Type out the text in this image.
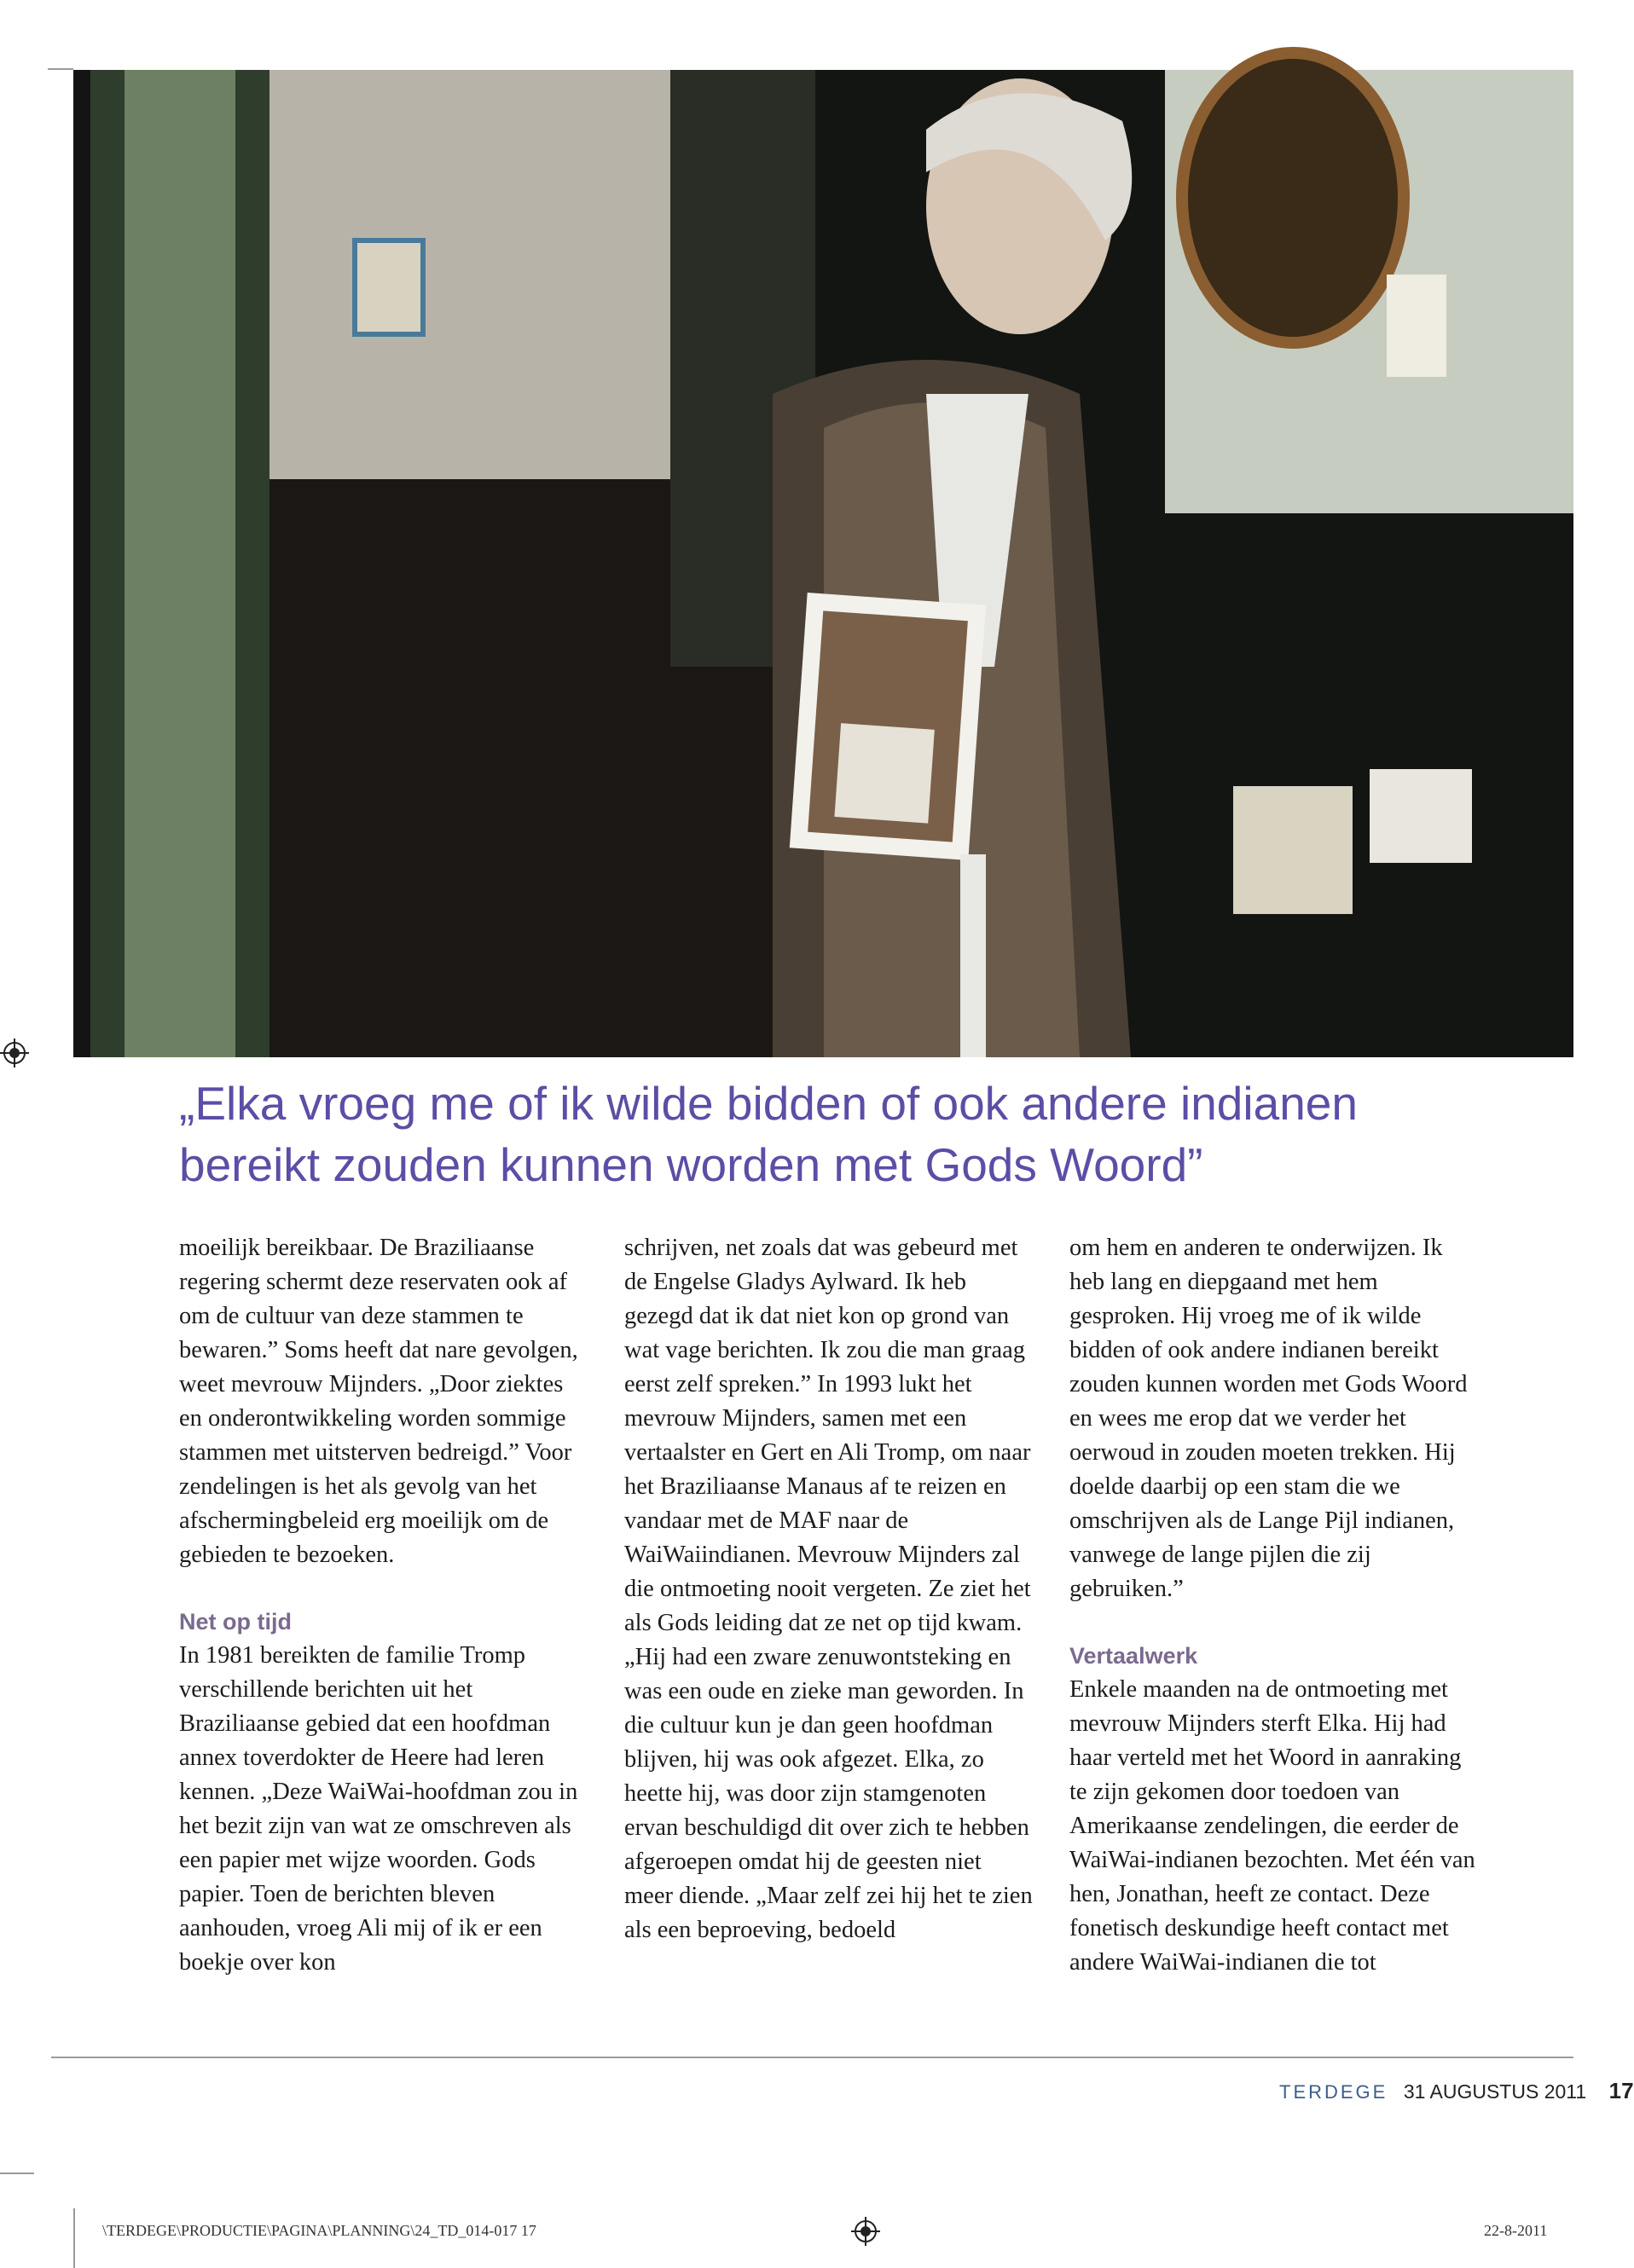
„Elka vroeg me of ik wilde bidden of ook andere indianen
bereikt zouden kunnen worden met Gods Woord”

moeilijk bereikbaar. De Braziliaanse regering schermt deze reservaten ook af om de cultuur van deze stammen te bewaren.” Soms heeft dat nare gevolgen, weet mevrouw Mijnders. „Door ziektes en onderontwikkeling worden sommige stammen met uitsterven bedreigd.” Voor zendelingen is het als gevolg van het afschermingbeleid erg moeilijk om de gebieden te bezoeken.

Net op tijd

In 1981 bereikten de familie Tromp verschillende berichten uit het Braziliaanse gebied dat een hoofdman annex toverdokter de Heere had leren kennen. „Deze WaiWai-hoofdman zou in het bezit zijn van wat ze omschreven als een papier met wijze woorden. Gods papier. Toen de berichten bleven aanhouden, vroeg Ali mij of ik er een boekje over kon

schrijven, net zoals dat was gebeurd met de Engelse Gladys Aylward. Ik heb gezegd dat ik dat niet kon op grond van wat vage berichten. Ik zou die man graag eerst zelf spreken.” In 1993 lukt het mevrouw Mijnders, samen met een vertaalster en Gert en Ali Tromp, om naar het Braziliaanse Manaus af te reizen en vandaar met de MAF naar de WaiWaiindianen. Mevrouw Mijnders zal die ontmoeting nooit vergeten. Ze ziet het als Gods leiding dat ze net op tijd kwam. „Hij had een zware zenuwontsteking en was een oude en zieke man geworden. In die cultuur kun je dan geen hoofdman blijven, hij was ook afgezet. Elka, zo heette hij, was door zijn stamgenoten ervan beschuldigd dit over zich te hebben afgeroepen omdat hij de geesten niet meer diende. „Maar zelf zei hij het te zien als een beproeving, bedoeld

om hem en anderen te onderwijzen. Ik heb lang en diepgaand met hem gesproken. Hij vroeg me of ik wilde bidden of ook andere indianen bereikt zouden kunnen worden met Gods Woord en wees me erop dat we verder het oerwoud in zouden moeten trekken. Hij doelde daarbij op een stam die we omschrijven als de Lange Pijl indianen, vanwege de lange pijlen die zij gebruiken.”

Vertaalwerk

Enkele maanden na de ontmoeting met mevrouw Mijnders sterft Elka. Hij had haar verteld met het Woord in aanraking te zijn gekomen door toedoen van Amerikaanse zendelingen, die eerder de WaiWai-indianen bezochten. Met één van hen, Jonathan, heeft ze contact. Deze fonetisch deskundige heeft contact met andere WaiWai-indianen die tot

TERDEGE 31 AUGUSTUS 2011 17
\TERDEGE\PRODUCTIE\PAGINA\PLANNING\24_TD_014-017 17	22-8-2011
